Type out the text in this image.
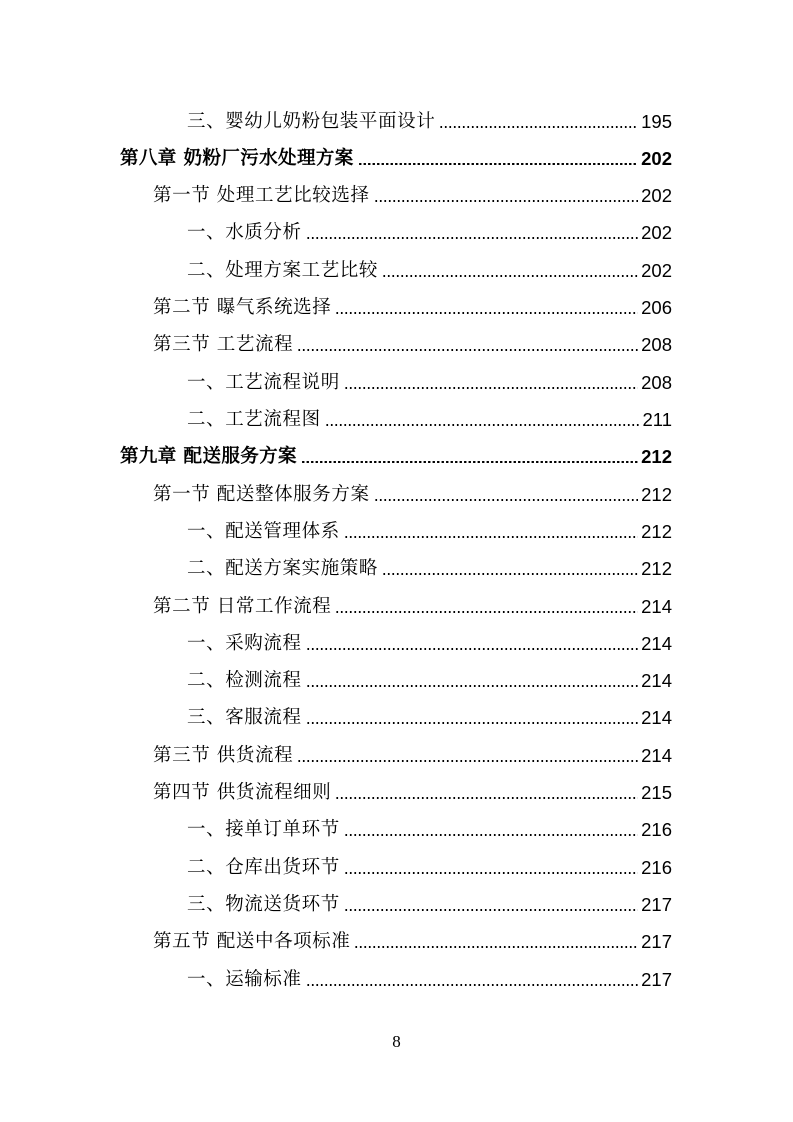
三、婴幼儿奶粉包装平面设计	195
第八章 奶粉厂污水处理方案	202
第一节 处理工艺比较选择	202
一、水质分析	202
二、处理方案工艺比较	202
第二节 曝气系统选择	206
第三节 工艺流程	208
一、工艺流程说明	208
二、工艺流程图	211
第九章 配送服务方案	212
第一节 配送整体服务方案	212
一、配送管理体系	212
二、配送方案实施策略	212
第二节 日常工作流程	214
一、采购流程	214
二、检测流程	214
三、客服流程	214
第三节 供货流程	214
第四节 供货流程细则	215
一、接单订单环节	216
二、仓库出货环节	216
三、物流送货环节	217
第五节 配送中各项标准	217
一、运输标准	217
8
